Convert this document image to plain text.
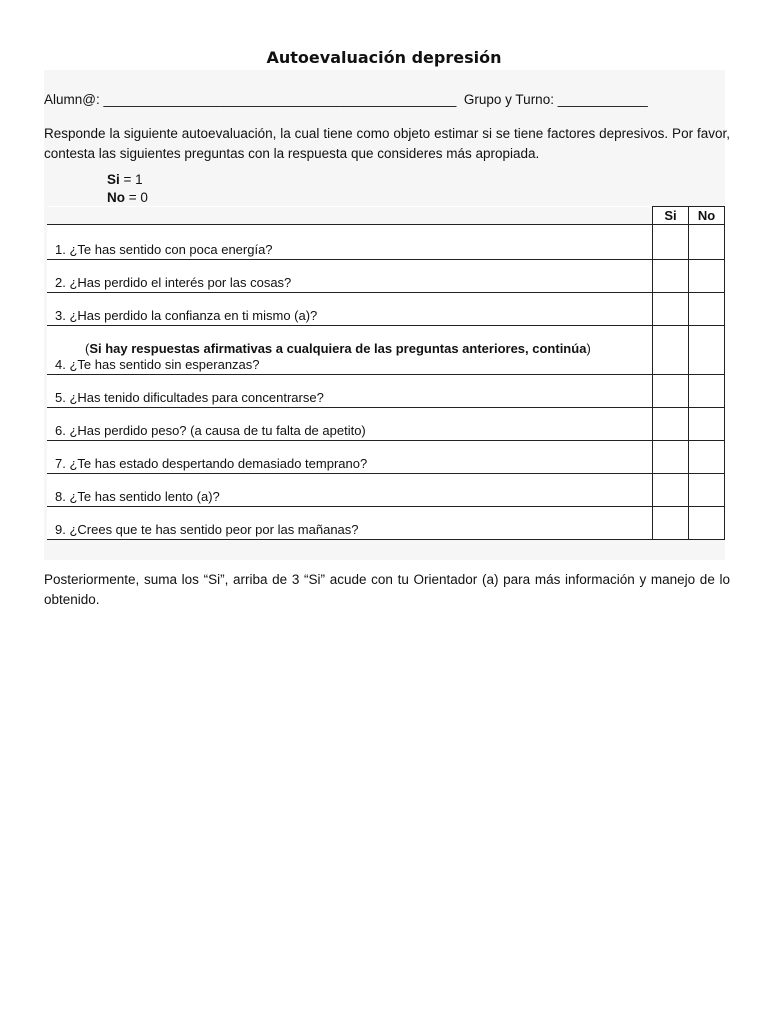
Autoevaluación depresión
Alumn@: _______________________________________________ Grupo y Turno: ____________
Responde la siguiente autoevaluación, la cual tiene como objeto estimar si se tiene factores depresivos. Por favor, contesta las siguientes preguntas con la respuesta que consideres más apropiada.
Si = 1
No = 0
	Si	No
1. ¿Te has sentido con poca energía?		
2. ¿Has perdido el interés por las cosas?		
3. ¿Has perdido la confianza en ti mismo (a)?		

(Si hay respuestas afirmativas a cualquiera de las preguntas anteriores, continúa)
4. ¿Te has sentido sin esperanzas?		
5. ¿Has tenido dificultades para concentrarse?		
6. ¿Has perdido peso? (a causa de tu falta de apetito)		
7. ¿Te has estado despertando demasiado temprano?		
8. ¿Te has sentido lento (a)?		
9. ¿Crees que te has sentido peor por las mañanas?		
Posteriormente, suma los “Si”, arriba de 3 “Si” acude con tu Orientador (a) para más información y manejo de lo obtenido.
